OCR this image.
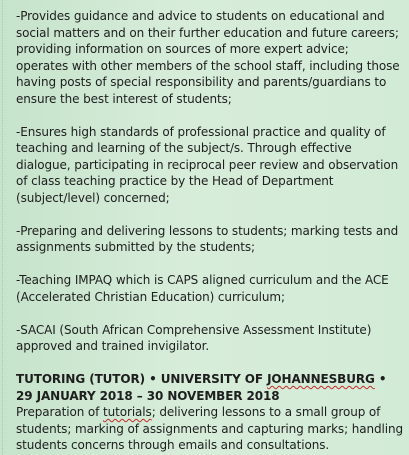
-Provides guidance and advice to students on educational and social matters and on their further education and future careers; providing information on sources of more expert advice; operates with other members of the school staff, including those having posts of special responsibility and parents/guardians to ensure the best interest of students;

-Ensures high standards of professional practice and quality of teaching and learning of the subject/s. Through effective dialogue, participating in reciprocal peer review and observation of class teaching practice by the Head of Department (subject/level) concerned;

-Preparing and delivering lessons to students; marking tests and assignments submitted by the students;

-Teaching IMPAQ which is CAPS aligned curriculum and the ACE (Accelerated Christian Education) curriculum;

-SACAI (South African Comprehensive Assessment Institute) approved and trained invigilator.

TUTORING (TUTOR) • UNIVERSITY OF JOHANNESBURG • 29 JANUARY 2018 – 30 NOVEMBER 2018

Preparation of tutorials; delivering lessons to a small group of students; marking of assignments and capturing marks; handling students concerns through emails and consultations.
